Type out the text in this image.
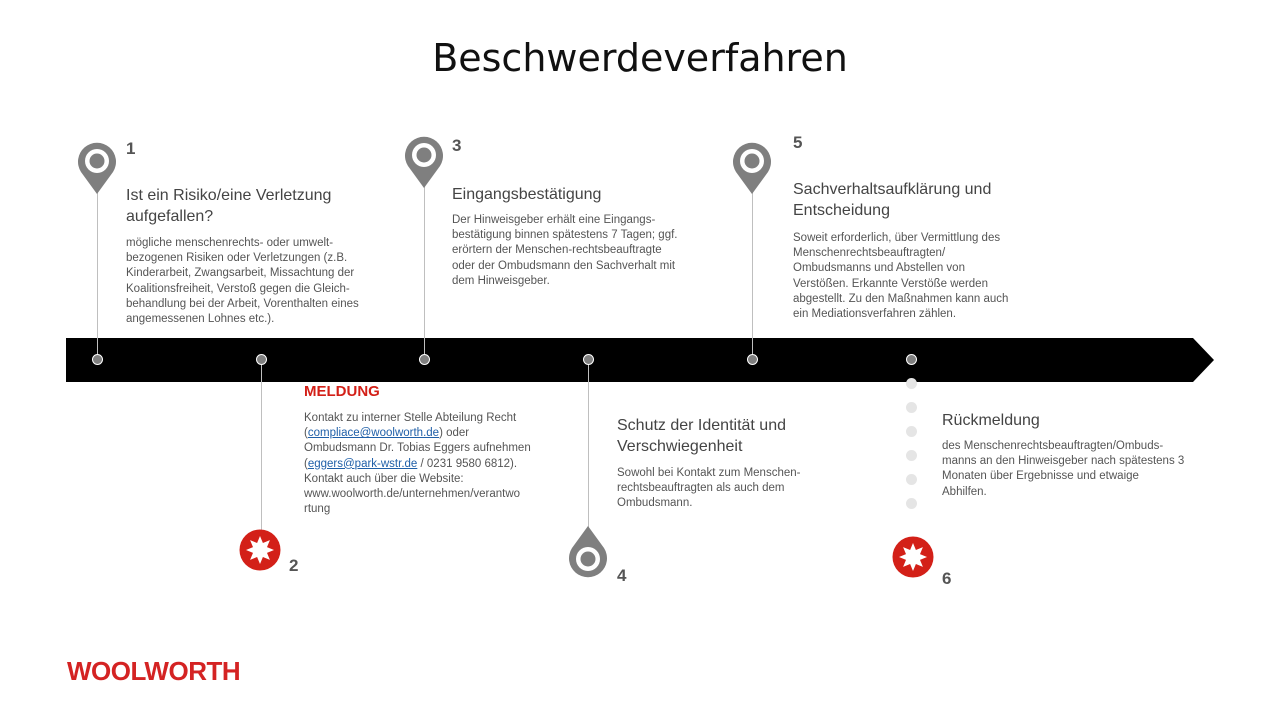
Beschwerdeverfahren
1
2
3
4
5
6
Ist ein Risiko/eine Verletzung aufgefallen?
mögliche menschenrechts- oder umwelt-
bezogenen Risiken oder Verletzungen (z.B.
Kinderarbeit, Zwangsarbeit, Missachtung der
Koalitionsfreiheit, Verstoß gegen die Gleich-
behandlung bei der Arbeit, Vorenthalten eines
angemessenen Lohnes etc.).
MELDUNG
Kontakt zu interner Stelle Abteilung Recht
(compliace@woolworth.de) oder
Ombudsmann Dr. Tobias Eggers aufnehmen
(eggers@park-wstr.de / 0231 9580 6812).
Kontakt auch über die Website:
www.woolworth.de/unternehmen/verantwo
rtung
Eingangsbestätigung
Der Hinweisgeber erhält eine Eingangs-
bestätigung binnen spätestens 7 Tagen; ggf.
erörtern der Menschen-rechtsbeauftragte
oder der Ombudsmann den Sachverhalt mit
dem Hinweisgeber.
Schutz der Identität und Verschwiegenheit
Sowohl bei Kontakt zum Menschen-
rechtsbeauftragten als auch dem
Ombudsmann.
Sachverhaltsaufklärung und Entscheidung
Soweit erforderlich, über Vermittlung des
Menschenrechtsbeauftragten/
Ombudsmanns und Abstellen von
Verstößen. Erkannte Verstöße werden
abgestellt. Zu den Maßnahmen kann auch
ein Mediationsverfahren zählen.
Rückmeldung
des Menschenrechtsbeauftragten/Ombuds-
manns an den Hinweisgeber nach spätestens 3
Monaten über Ergebnisse und etwaige
Abhilfen.
WOOLWORTH
